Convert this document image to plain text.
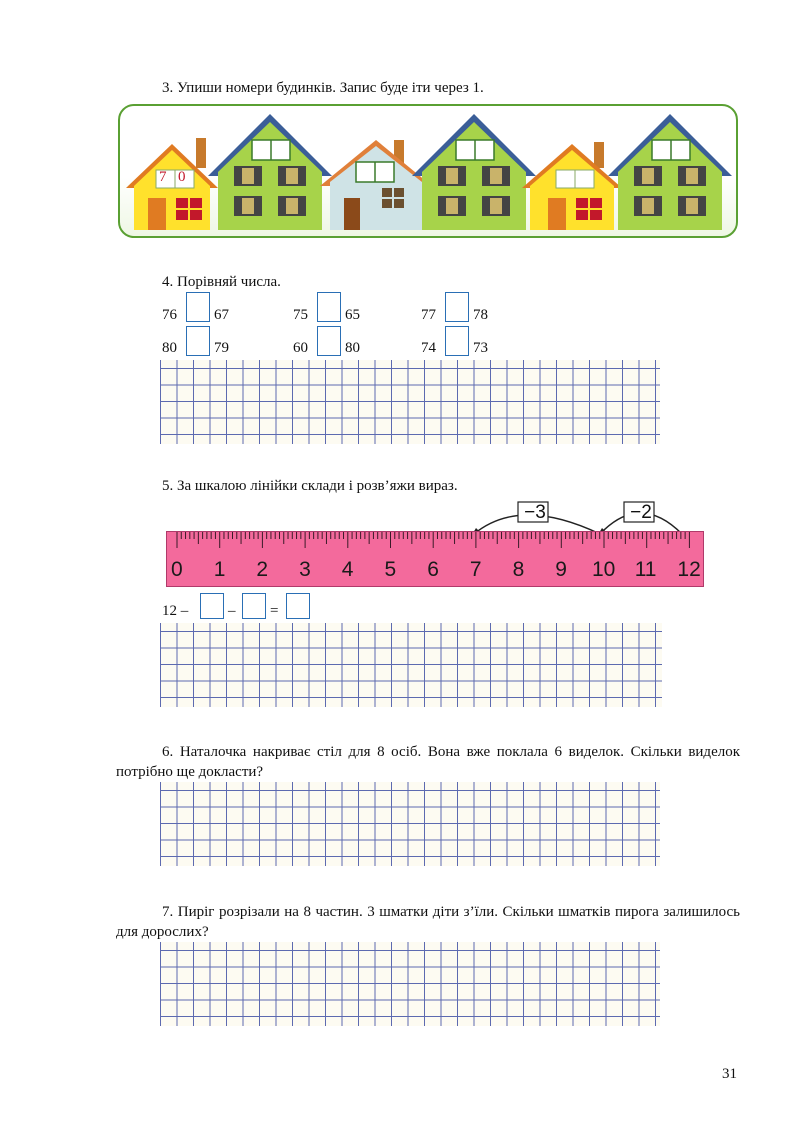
3. Упиши номери будинків. Запис буде іти через 1.
7 0
4. Порівняй числа.
76 67	75 65	77 78
80 79	60 80	74 73
5. За шкалою лінійки склади і розв’яжи вираз.
−3	−2
0 1 2 3 4 5 6 7 8 9 10 11 12
12 –	– =
6. Наталочка накриває стіл для 8 осіб. Вона вже поклала 6 виделок. Скільки виделок потрібно ще докласти?
7. Пиріг розрізали на 8 частин. 3 шматки діти з’їли. Скільки шматків пирога залишилось для дорослих?
31
